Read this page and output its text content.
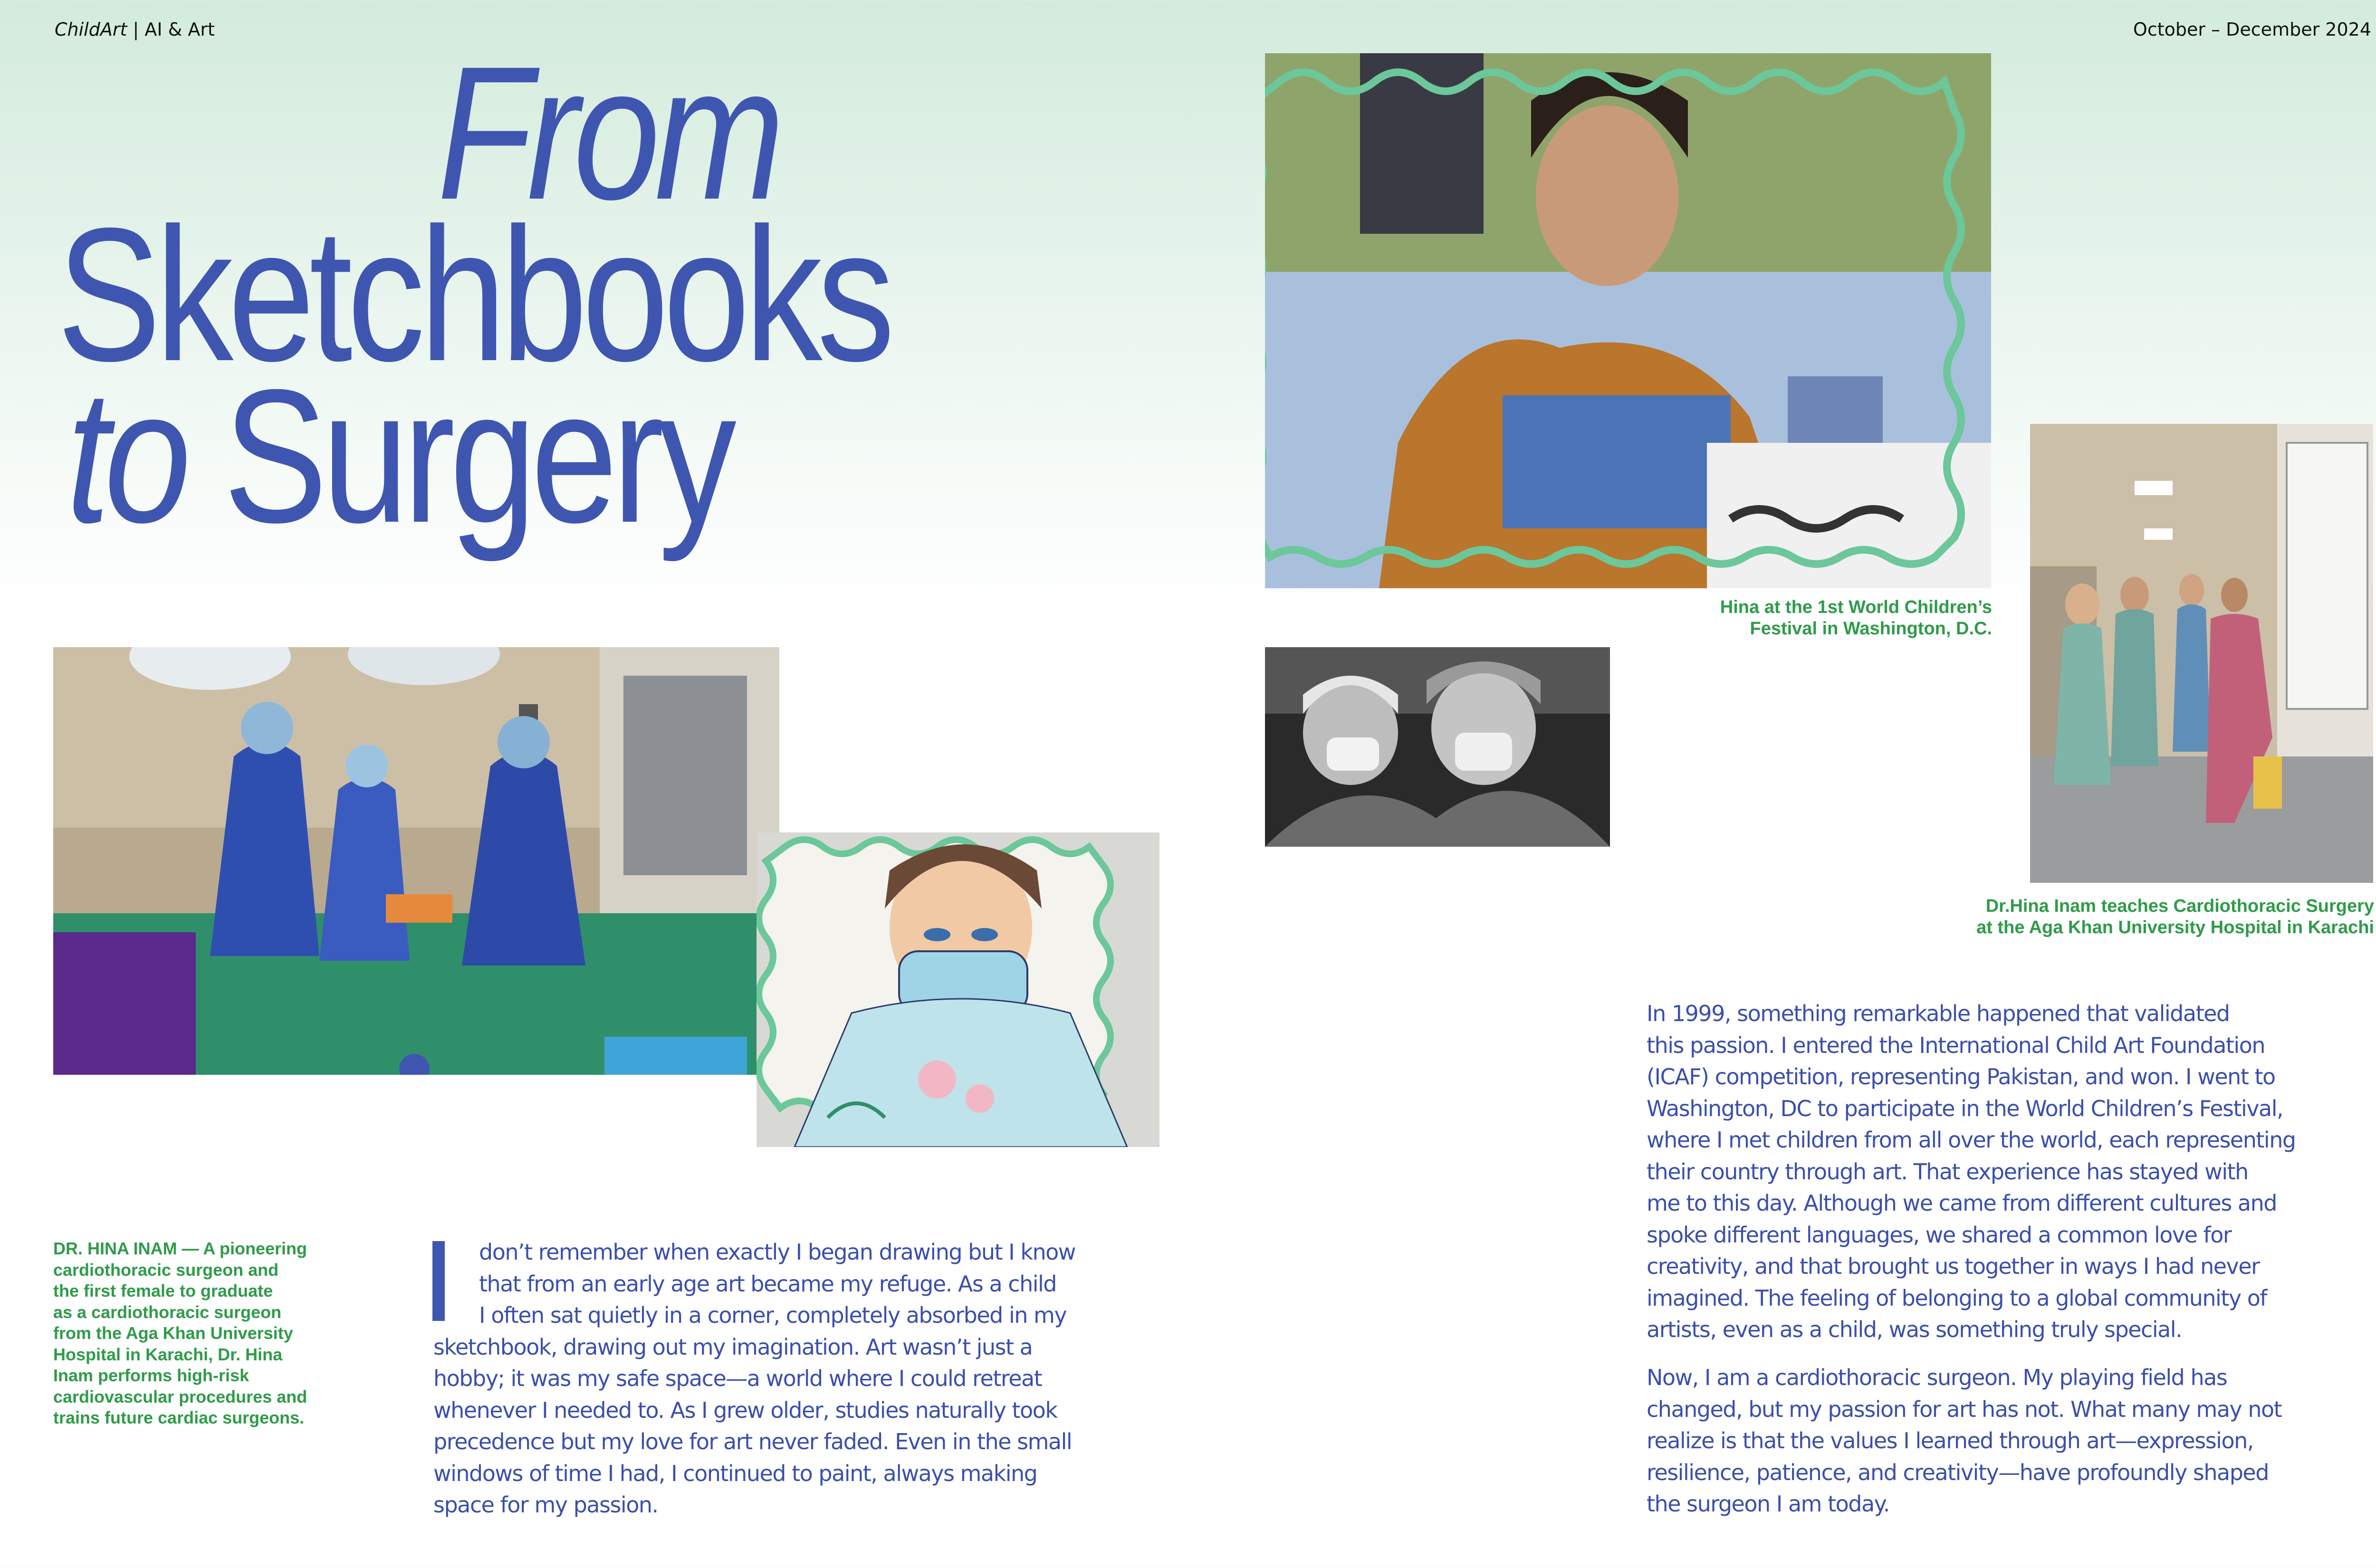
ChildArt | AI & Art	October – December 2024
From
Sketchbooks
to Surgery
Hina at the 1st World Children’s
Festival in Washington, D.C.
Dr.Hina Inam teaches Cardiothoracic Surgery
at the Aga Khan University Hospital in Karachi
DR. HINA INAM — A pioneering
cardiothoracic surgeon and
the first female to graduate
as a cardiothoracic surgeon
from the Aga Khan University
Hospital in Karachi, Dr. Hina
Inam performs high-risk
cardiovascular procedures and
trains future cardiac surgeons.
don’t remember when exactly I began drawing but I know
that from an early age art became my refuge. As a child
I often sat quietly in a corner, completely absorbed in my
sketchbook, drawing out my imagination. Art wasn’t just a
hobby; it was my safe space—a world where I could retreat
whenever I needed to. As I grew older, studies naturally took
precedence but my love for art never faded. Even in the small
windows of time I had, I continued to paint, always making
space for my passion.
In 1999, something remarkable happened that validated
this passion. I entered the International Child Art Foundation
(ICAF) competition, representing Pakistan, and won. I went to
Washington, DC to participate in the World Children’s Festival,
where I met children from all over the world, each representing
their country through art. That experience has stayed with
me to this day. Although we came from different cultures and
spoke different languages, we shared a common love for
creativity, and that brought us together in ways I had never
imagined. The feeling of belonging to a global community of
artists, even as a child, was something truly special.
Now, I am a cardiothoracic surgeon. My playing field has
changed, but my passion for art has not. What many may not
realize is that the values I learned through art—expression,
resilience, patience, and creativity—have profoundly shaped
the surgeon I am today.
